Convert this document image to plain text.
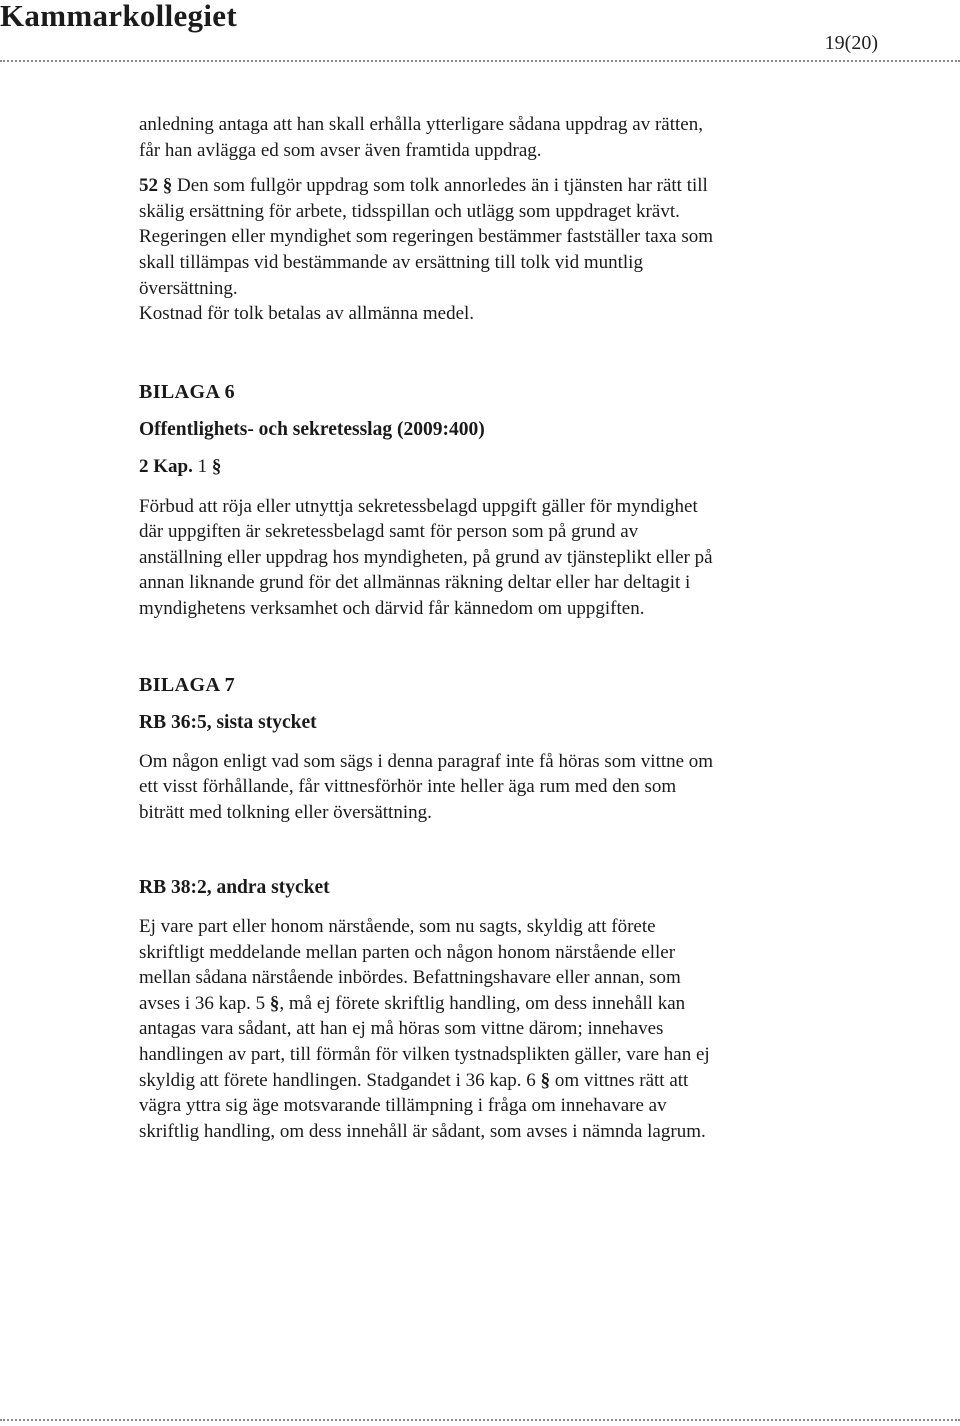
Kammarkollegiet
19(20)

anledning antaga att han skall erhålla ytterligare sådana uppdrag av rätten,
får han avlägga ed som avser även framtida uppdrag.

52 § Den som fullgör uppdrag som tolk annorledes än i tjänsten har rätt till
skälig ersättning för arbete, tidsspillan och utlägg som uppdraget krävt.
Regeringen eller myndighet som regeringen bestämmer fastställer taxa som
skall tillämpas vid bestämmande av ersättning till tolk vid muntlig
översättning.
Kostnad för tolk betalas av allmänna medel.

BILAGA 6
Offentlighets- och sekretesslag (2009:400)
2 Kap. 1 §

Förbud att röja eller utnyttja sekretessbelagd uppgift gäller för myndighet
där uppgiften är sekretessbelagd samt för person som på grund av
anställning eller uppdrag hos myndigheten, på grund av tjänsteplikt eller på
annan liknande grund för det allmännas räkning deltar eller har deltagit i
myndighetens verksamhet och därvid får kännedom om uppgiften.

BILAGA 7
RB 36:5, sista stycket

Om någon enligt vad som sägs i denna paragraf inte få höras som vittne om
ett visst förhållande, får vittnesförhör inte heller äga rum med den som
biträtt med tolkning eller översättning.

RB 38:2, andra stycket

Ej vare part eller honom närstående, som nu sagts, skyldig att förete
skriftligt meddelande mellan parten och någon honom närstående eller
mellan sådana närstående inbördes. Befattningshavare eller annan, som
avses i 36 kap. 5 §, må ej förete skriftlig handling, om dess innehåll kan
antagas vara sådant, att han ej må höras som vittne därom; innehaves
handlingen av part, till förmån för vilken tystnadsplikten gäller, vare han ej
skyldig att förete handlingen. Stadgandet i 36 kap. 6 § om vittnes rätt att
vägra yttra sig äge motsvarande tillämpning i fråga om innehavare av
skriftlig handling, om dess innehåll är sådant, som avses i nämnda lagrum.
